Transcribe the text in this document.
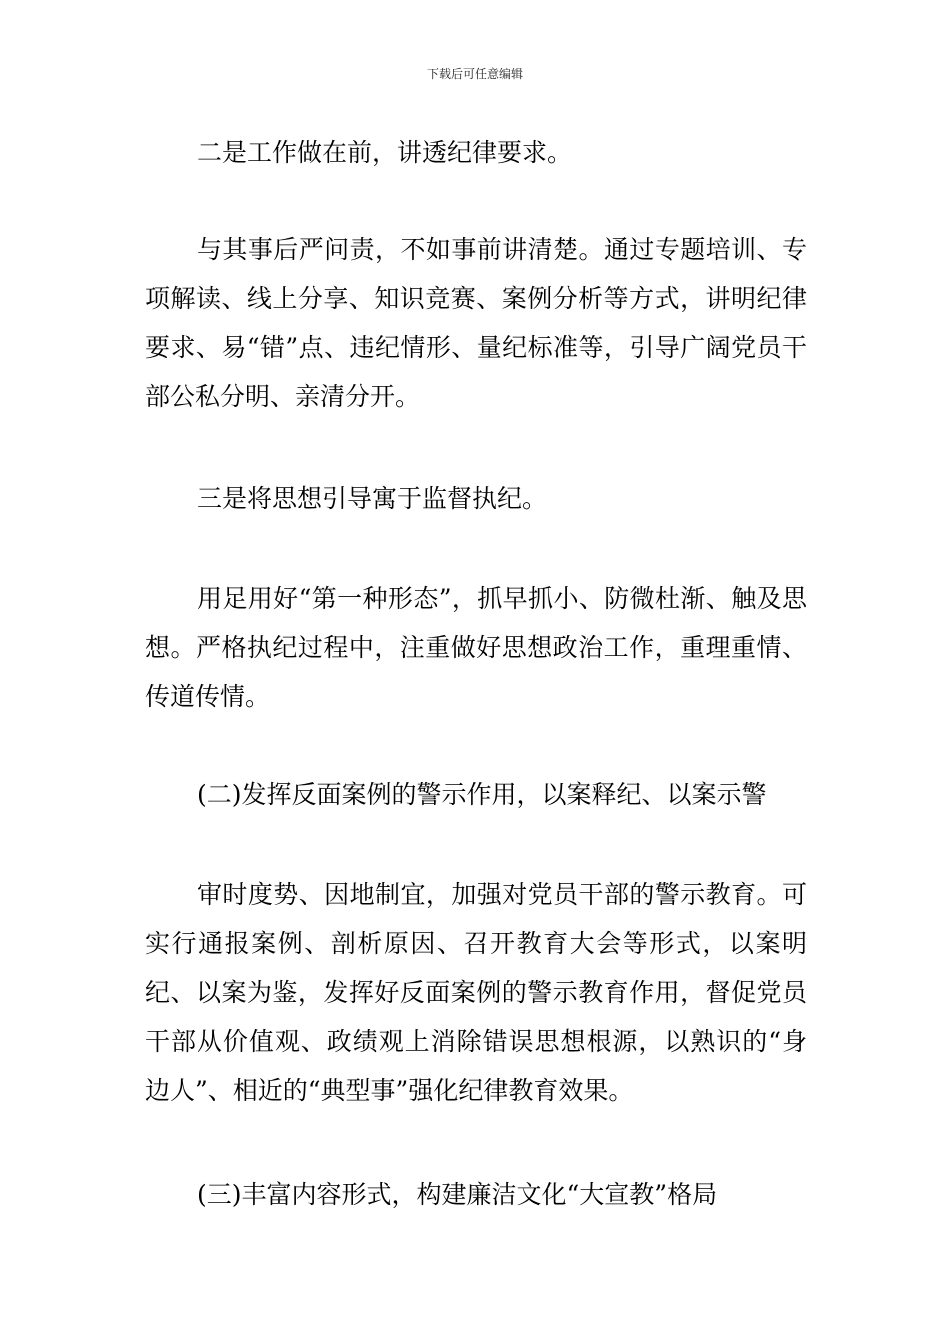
下载后可任意编辑

二是工作做在前，讲透纪律要求。

与其事后严问责，不如事前讲清楚。通过专题培训、专项解读、线上分享、知识竞赛、案例分析等方式，讲明纪律要求、易“错”点、违纪情形、量纪标准等，引导广阔党员干部公私分明、亲清分开。

三是将思想引导寓于监督执纪。

用足用好“第一种形态”，抓早抓小、防微杜渐、触及思想。严格执纪过程中，注重做好思想政治工作，重理重情、传道传情。

(二)发挥反面案例的警示作用，以案释纪、以案示警

审时度势、因地制宜，加强对党员干部的警示教育。可实行通报案例、剖析原因、召开教育大会等形式，以案明纪、以案为鉴，发挥好反面案例的警示教育作用，督促党员干部从价值观、政绩观上消除错误思想根源，以熟识的“身边人”、相近的“典型事”强化纪律教育效果。

(三)丰富内容形式，构建廉洁文化“大宣教”格局
